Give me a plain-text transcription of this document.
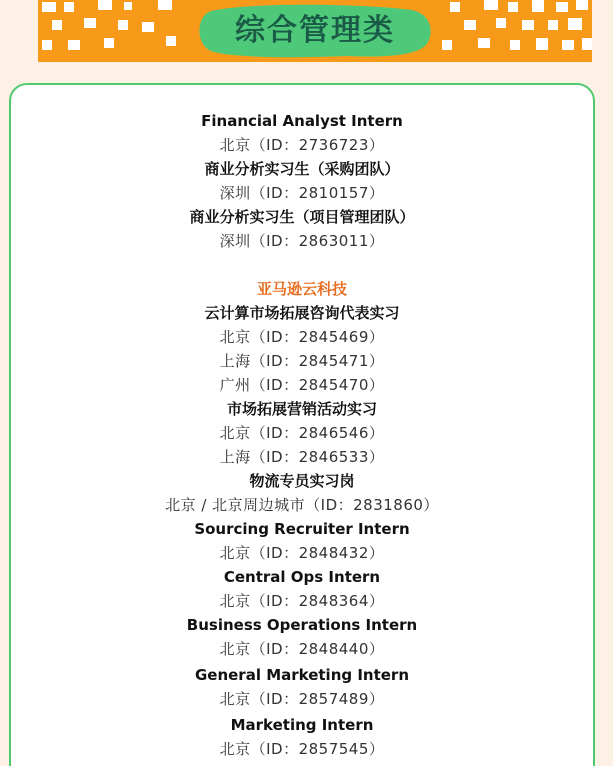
综合管理类
Financial Analyst Intern
北京（ID：2736723）
商业分析实习生（采购团队）
深圳（ID：2810157）
商业分析实习生（项目管理团队）
深圳（ID：2863011）
亚马逊云科技
云计算市场拓展咨询代表实习
北京（ID：2845469）
上海（ID：2845471）
广州（ID：2845470）
市场拓展营销活动实习
北京（ID：2846546）
上海（ID：2846533）
物流专员实习岗
北京 / 北京周边城市（ID：2831860）
Sourcing Recruiter Intern
北京（ID：2848432）
Central Ops Intern
北京（ID：2848364）
Business Operations Intern
北京（ID：2848440）
General Marketing Intern
北京（ID：2857489）
Marketing Intern
北京（ID：2857545）
